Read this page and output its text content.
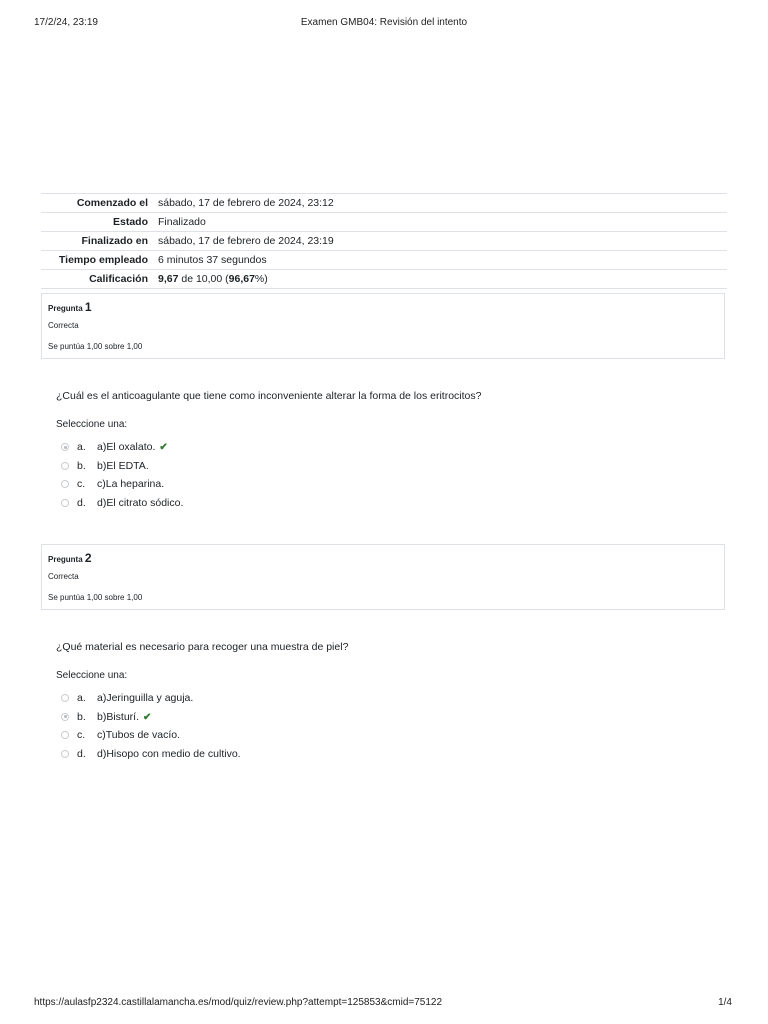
17/2/24, 23:19	Examen GMB04: Revisión del intento
Comenzado el	sábado, 17 de febrero de 2024, 23:12
Estado	Finalizado
Finalizado en	sábado, 17 de febrero de 2024, 23:19
Tiempo empleado	6 minutos 37 segundos
Calificación	9,67 de 10,00 (96,67%)
Pregunta 1
Correcta
Se puntúa 1,00 sobre 1,00
¿Cuál es el anticoagulante que tiene como inconveniente alterar la forma de los eritrocitos?
Seleccione una:
a. a)El oxalato. ✔
b. b)El EDTA.
c. c)La heparina.
d. d)El citrato sódico.
Pregunta 2
Correcta
Se puntúa 1,00 sobre 1,00
¿Qué material es necesario para recoger una muestra de piel?
Seleccione una:
a. a)Jeringuilla y aguja.
b. b)Bisturí. ✔
c. c)Tubos de vacío.
d. d)Hisopo con medio de cultivo.
https://aulasfp2324.castillalamancha.es/mod/quiz/review.php?attempt=125853&cmid=75122	1/4
